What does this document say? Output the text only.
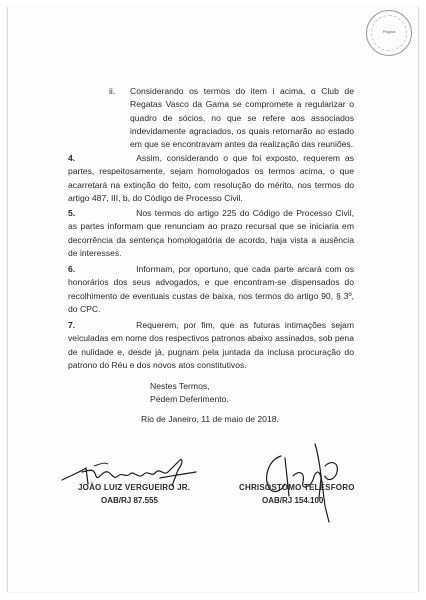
Página
ii.	Considerando os termos do item i acima, o Club de Regatas Vasco da Gama se compromete a regularizar o quadro de sócios, no que se refere aos associados indevidamente agraciados, os quais retornarão ao estado em que se encontravam antes da realização das reuniões.

4.	Assim, considerando o que foi exposto, requerem as partes, respeitosamente, sejam homologados os termos acima, o que acarretará na extinção do feito, com resolução do mérito, nos termos do artigo 487, III, b, do Código de Processo Civil.

5.	Nos termos do artigo 225 do Código de Processo Civil, as partes informam que renunciam ao prazo recursal que se iniciaria em decorrência da sentença homologatória de acordo, haja vista a ausência de interesses.

6.	Informam, por oportuno, que cada parte arcará com os honorários dos seus advogados, e que encontram-se dispensados do recolhimento de eventuais custas de baixa, nos termos do artigo 90, § 3º, do CPC.

7.	Requerem, por fim, que as futuras intimações sejam veiculadas em nome dos respectivos patronos abaixo assinados, sob pena de nulidade e, desde já, pugnam pela juntada da inclusa procuração do patrono do Réu e dos novos atos constitutivos.

Nestes Termos,
Pedem Deferimento.
Rio de Janeiro, 11 de maio de 2018.
JOÃO LUIZ VERGUEIRO JR.
OAB/RJ 87.555
CHRISÓSTOMO TELÉSFORO
OAB/RJ 154.100
